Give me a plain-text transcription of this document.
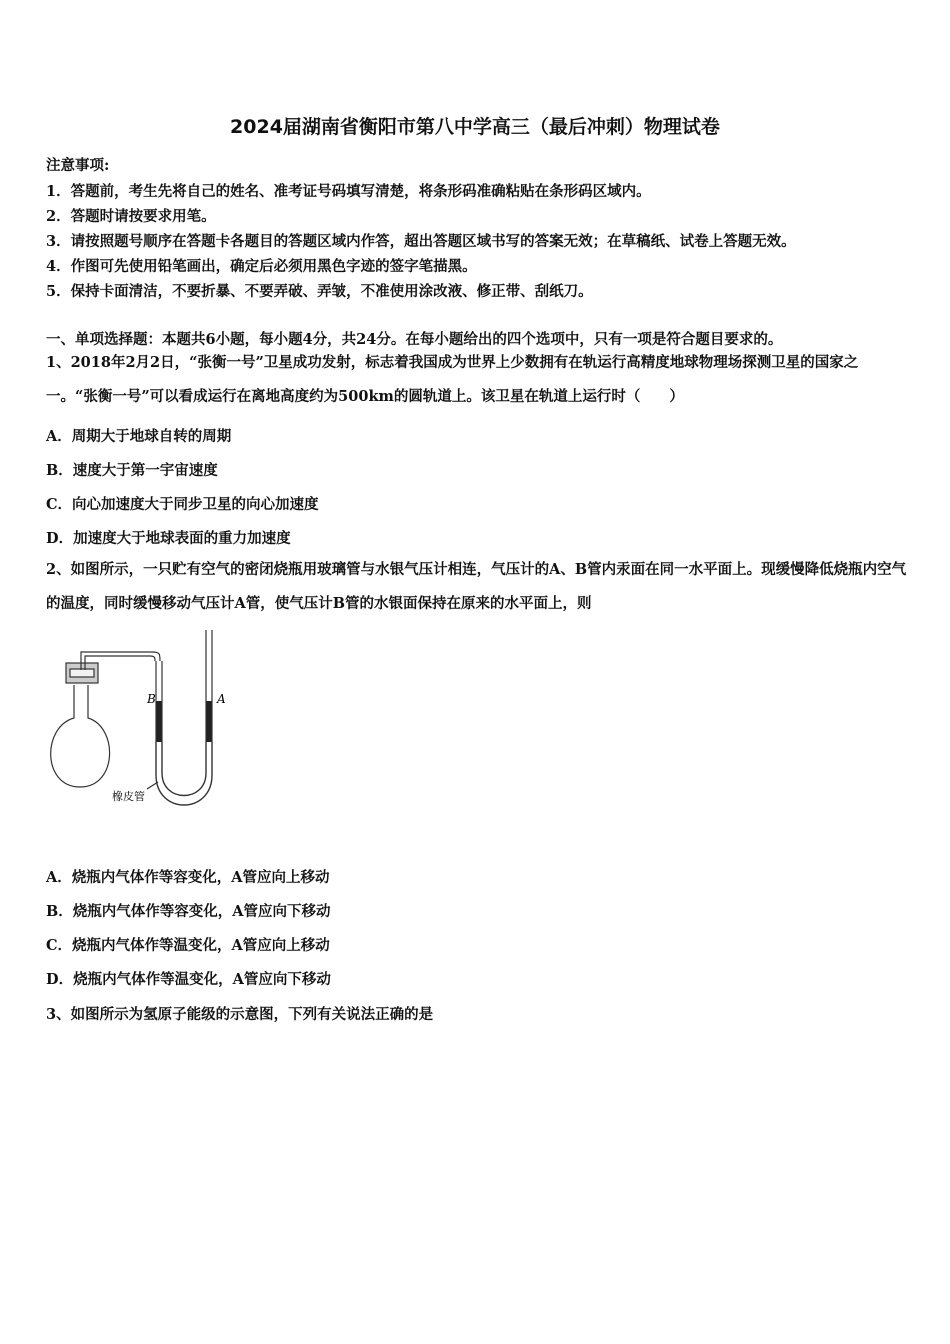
2024届湖南省衡阳市第八中学高三（最后冲刺）物理试卷
注意事项:
1．答题前，考生先将自己的姓名、准考证号码填写清楚，将条形码准确粘贴在条形码区域内。
2．答题时请按要求用笔。
3．请按照题号顺序在答题卡各题目的答题区域内作答，超出答题区域书写的答案无效；在草稿纸、试卷上答题无效。
4．作图可先使用铅笔画出，确定后必须用黑色字迹的签字笔描黑。
5．保持卡面清洁，不要折暴、不要弄破、弄皱，不准使用涂改液、修正带、刮纸刀。
一、单项选择题：本题共6小题，每小题4分，共24分。在每小题给出的四个选项中，只有一项是符合题目要求的。
1、2018年2月2日，“张衡一号”卫星成功发射，标志着我国成为世界上少数拥有在轨运行高精度地球物理场探测卫星的国家之一。“张衡一号”可以看成运行在离地高度约为500km的圆轨道上。该卫星在轨道上运行时（　　）
A．周期大于地球自转的周期
B．速度大于第一宇宙速度
C．向心加速度大于同步卫星的向心加速度
D．加速度大于地球表面的重力加速度
2、如图所示，一只贮有空气的密闭烧瓶用玻璃管与水银气压计相连，气压计的A、B管内汞面在同一水平面上。现缓慢降低烧瓶内空气的温度，同时缓慢移动气压计A管，使气压计B管的水银面保持在原来的水平面上，则
B	A
橡皮管
A．烧瓶内气体作等容变化，A管应向上移动
B．烧瓶内气体作等容变化，A管应向下移动
C．烧瓶内气体作等温变化，A管应向上移动
D．烧瓶内气体作等温变化，A管应向下移动
3、如图所示为氢原子能级的示意图，下列有关说法正确的是
